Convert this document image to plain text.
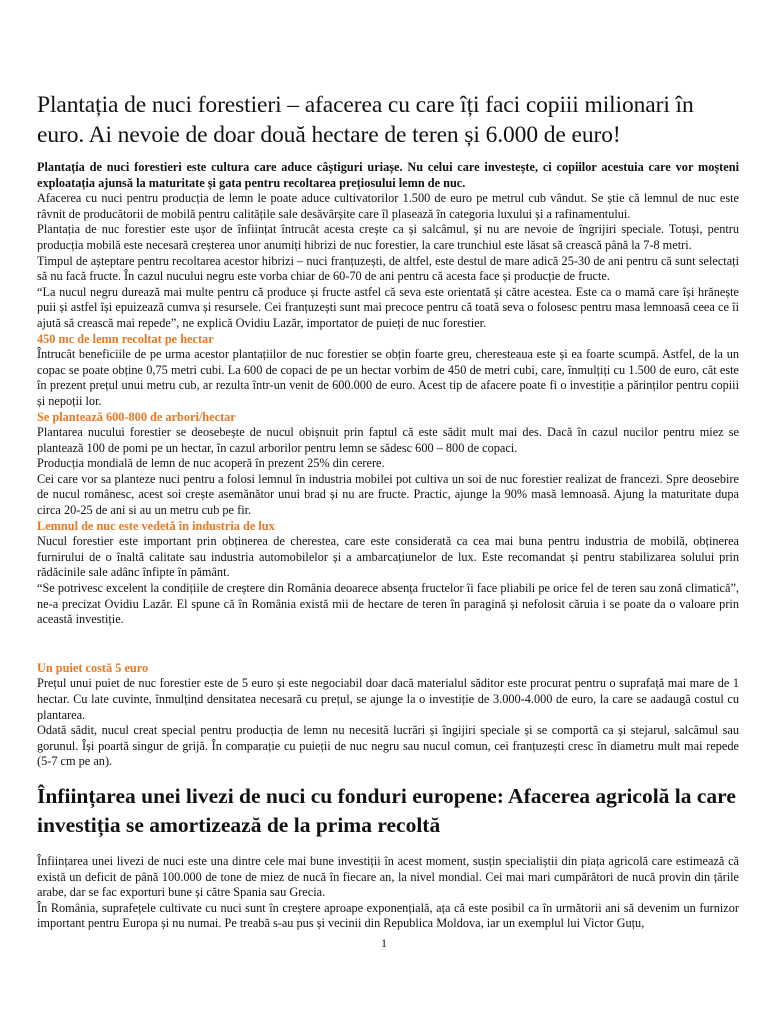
Plantația de nuci forestieri – afacerea cu care îți faci copiii milionari în euro. Ai nevoie de doar două hectare de teren și 6.000 de euro!

Plantația de nuci forestieri este cultura care aduce câștiguri uriașe. Nu celui care investește, ci copiilor acestuia care vor moșteni exploatația ajunsă la maturitate și gata pentru recoltarea prețiosului lemn de nuc.

Afacerea cu nuci pentru producția de lemn le poate aduce cultivatorilor 1.500 de euro pe metrul cub vândut. Se știe că lemnul de nuc este râvnit de producătorii de mobilă pentru calitățile sale desăvârșite care îl plasează în categoria luxului și a rafinamentului.

Plantația de nuc forestier este ușor de înființat întrucât acesta crește ca și salcâmul, și nu are nevoie de îngrijiri speciale. Totuși, pentru producția mobilă este necesară creșterea unor anumiți hibrizi de nuc forestier, la care trunchiul este lăsat să crească până la 7-8 metri.

Timpul de așteptare pentru recoltarea acestor hibrizi – nuci franțuzești, de altfel, este destul de mare adică 25-30 de ani pentru că sunt selectați să nu facă fructe. În cazul nucului negru este vorba chiar de 60-70 de ani pentru că acesta face și producție de fructe.

“La nucul negru durează mai multe pentru că produce și fructe astfel că seva este orientată și către acestea. Este ca o mamă care își hrănește puii și astfel își epuizează cumva și resursele. Cei franțuzești sunt mai precoce pentru că toată seva o folosesc pentru masa lemnoasă ceea ce îi ajută să crească mai repede”, ne explică Ovidiu Lazăr, importator de puieți de nuc forestier.

450 mc de lemn recoltat pe hectar

Întrucât beneficiile de pe urma acestor plantațiilor de nuc forestier se obțin foarte greu, cheresteaua este și ea foarte scumpă. Astfel, de la un copac se poate obține 0,75 metri cubi. La 600 de copaci de pe un hectar vorbim de 450 de metri cubi, care, înmulțiți cu 1.500 de euro, cât este în prezent prețul unui metru cub, ar rezulta într-un venit de 600.000 de euro. Acest tip de afacere poate fi o investiție a părinților pentru copiii și nepoții lor.

Se plantează 600-800 de arbori/hectar

Plantarea nucului forestier se deosebește de nucul obișnuit prin faptul că este sădit mult mai des. Dacă în cazul nucilor pentru miez se plantează 100 de pomi pe un hectar, în cazul arborilor pentru lemn se sădesc 600 – 800 de copaci.

Producția mondială de lemn de nuc acoperă în prezent 25% din cerere.

Cei care vor sa planteze nuci pentru a folosi lemnul în industria mobilei pot cultiva un soi de nuc forestier realizat de francezi. Spre deosebire de nucul românesc, acest soi crește asemănător unui brad și nu are fructe. Practic, ajunge la 90% masă lemnoasă. Ajung la maturitate dupa circa 20-25 de ani si au un metru cub pe fir.

Lemnul de nuc este vedetă în industria de lux

Nucul forestier este important prin obținerea de cherestea, care este considerată ca cea mai buna pentru industria de mobilă, obținerea furnirului de o înaltă calitate sau industria automobilelor și a ambarcațiunelor de lux. Este recomandat și pentru stabilizarea solului prin rădăcinile sale adânc înfipte în pământ.

“Se potrivesc excelent la condițiile de creștere din România deoarece absența fructelor îi face pliabili pe orice fel de teren sau zonă climatică”, ne-a precizat Ovidiu Lazăr. El spune că în România există mii de hectare de teren în paragină și nefolosit căruia i se poate da o valoare prin această investiție.

Un puiet costă 5 euro

Prețul unui puiet de nuc forestier este de 5 euro și este negociabil doar dacă materialul săditor este procurat pentru o suprafață mai mare de 1 hectar. Cu late cuvinte, înmulțind densitatea necesară cu prețul, se ajunge la o investiție de 3.000-4.000 de euro, la care se aadaugă costul cu plantarea.

Odată sădit, nucul creat special pentru producția de lemn nu necesită lucrări și îngijiri speciale și se comportă ca și stejarul, salcâmul sau gorunul. Își poartă singur de grijă. În comparație cu puieții de nuc negru sau nucul comun, cei franțuzești cresc în diametru mult mai repede (5-7 cm pe an).

Înființarea unei livezi de nuci cu fonduri europene: Afacerea agricolă la care investiția se amortizează de la prima recoltă

Înființarea unei livezi de nuci este una dintre cele mai bune investiții în acest moment, susțin specialiștii din piața agricolă care estimează că există un deficit de până 100.000 de tone de miez de nucă în fiecare an, la nivel mondial. Cei mai mari cumpărători de nucă provin din țările arabe, dar se fac exporturi bune și către Spania sau Grecia.

În România, suprafețele cultivate cu nuci sunt în creștere aproape exponențială, ața că este posibil ca în următorii ani să devenim un furnizor important pentru Europa și nu numai. Pe treabă s-au pus și vecinii din Republica Moldova, iar un exemplul lui Victor Guțu,

1
